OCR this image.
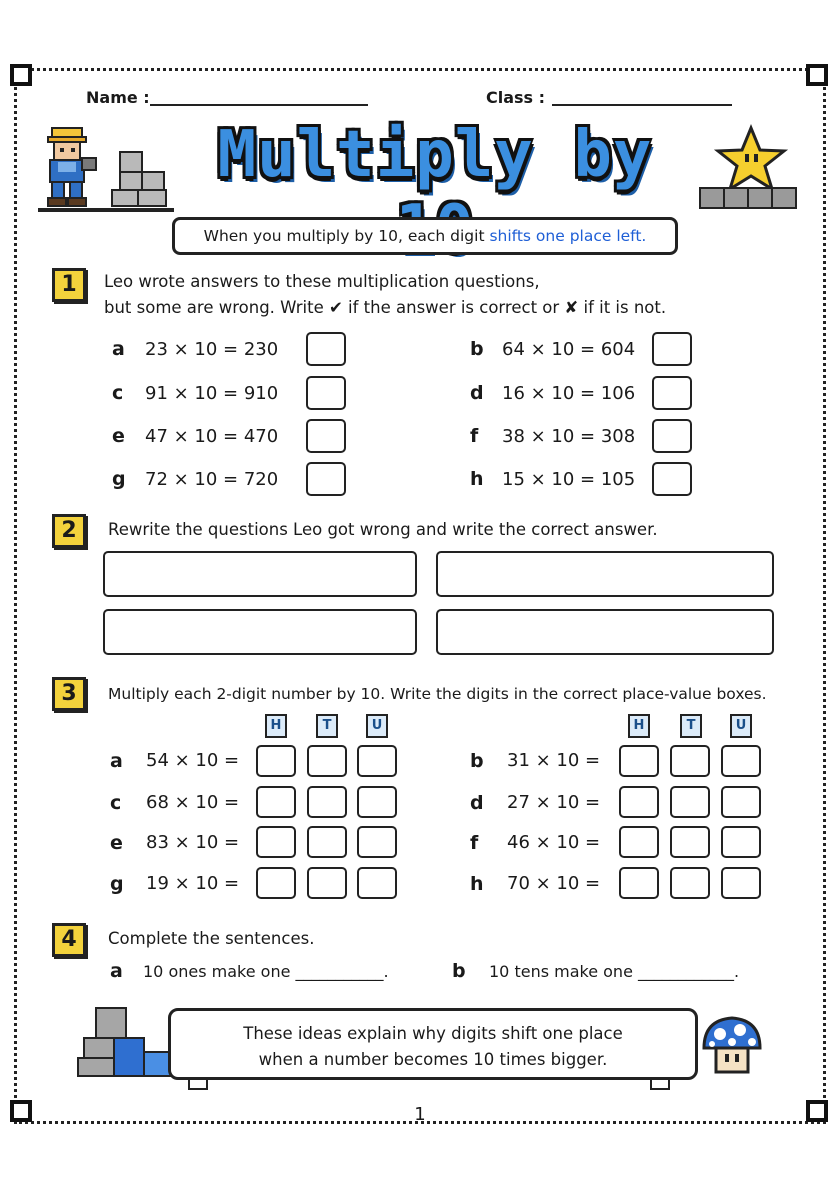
Name :	Class :
Multiply by
When you multiply by 10, each digit shifts one place left.
1	Leo wrote answers to these multiplication questions,
but some are wrong. Write ✔ if the answer is correct or ✘ if it is not.
a 23 × 10 = 230
c 91 × 10 = 910
e 47 × 10 = 470
g 72 × 10 = 720
b 64 × 10 = 604
d 16 × 10 = 106
f 38 × 10 = 308
h 15 × 10 = 105
2	Rewrite the questions Leo got wrong and write the correct answer.
3	Multiply each 2-digit number by 10. Write the digits in the correct place-value boxes.
H	T	U	H	T	U
a 54 × 10 =
c 68 × 10 =
e 83 × 10 =
g 19 × 10 =
b 31 × 10 =
d 27 × 10 =
f 46 × 10 =
h 70 × 10 =
4	Complete the sentences.
a 10 ones make one ___________.	b 10 tens make one ____________.
These ideas explain why digits shift one place
when a number becomes 10 times bigger.
1
